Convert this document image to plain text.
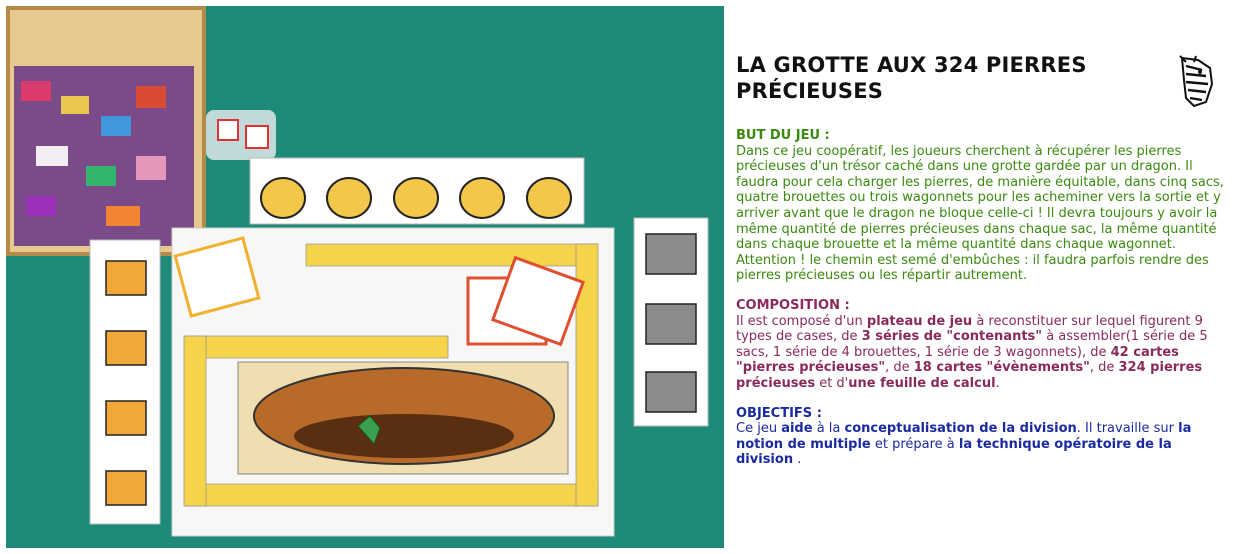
LA GROTTE AUX 324 PIERRES PRÉCIEUSES

BUT DU JEU :

Dans ce jeu coopératif, les joueurs cherchent à récupérer les pierres précieuses d'un trésor caché dans une grotte gardée par un dragon. Il faudra pour cela charger les pierres, de manière équitable, dans cinq sacs, quatre brouettes ou trois wagonnets pour les acheminer vers la sortie et y arriver avant que le dragon ne bloque celle-ci ! Il devra toujours y avoir la même quantité de pierres précieuses dans chaque sac, la même quantité dans chaque brouette et la même quantité dans chaque wagonnet. Attention ! le chemin est semé d'embûches : il faudra parfois rendre des pierres précieuses ou les répartir autrement.

COMPOSITION :

Il est composé d'un plateau de jeu à reconstituer sur lequel figurent 9 types de cases, de 3 séries de "contenants" à assembler(1 série de 5 sacs, 1 série de 4 brouettes, 1 série de 3 wagonnets), de 42 cartes "pierres précieuses", de 18 cartes "évènements", de 324 pierres précieuses et d'une feuille de calcul.

OBJECTIFS :

Ce jeu aide à la conceptualisation de la division. Il travaille sur la notion de multiple et prépare à la technique opératoire de la division .
